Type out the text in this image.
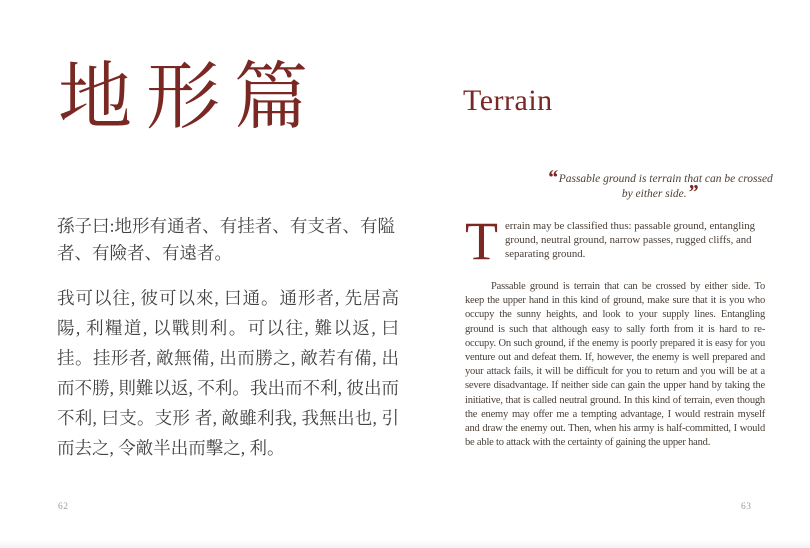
地形篇
孫子曰:地形有通者、有挂者、有支者、有隘者、有險者、有遠者。
我可以往, 彼可以來, 曰通。通形者, 先居高陽, 利糧道, 以戰則利。可以往, 難以返, 曰挂。挂形者, 敵無備, 出而勝之, 敵若有備, 出而不勝, 則難以返, 不利。我出而不利, 彼出而不利, 曰支。支形 者, 敵雖利我, 我無出也, 引而去之, 令敵半出而擊之, 利。
62
Terrain
“Passable ground is terrain that can be crossed by either side.”
Terrain may be classified thus: passable ground, entangling ground, neutral ground, narrow passes, rugged cliffs, and separating ground.
Passable ground is terrain that can be crossed by either side. To keep the upper hand in this kind of ground, make sure that it is you who occupy the sunny heights, and look to your supply lines. Entangling ground is such that although easy to sally forth from it is hard to re-occupy. On such ground, if the enemy is poorly prepared it is easy for you venture out and defeat them. If, however, the enemy is well prepared and your attack fails, it will be difficult for you to return and you will be at a severe disadvantage. If neither side can gain the upper hand by taking the initiative, that is called neutral ground. In this kind of terrain, even though the enemy may offer me a tempting advantage, I would restrain myself and draw the enemy out. Then, when his army is half-committed, I would be able to attack with the certainty of gaining the upper hand.
63
